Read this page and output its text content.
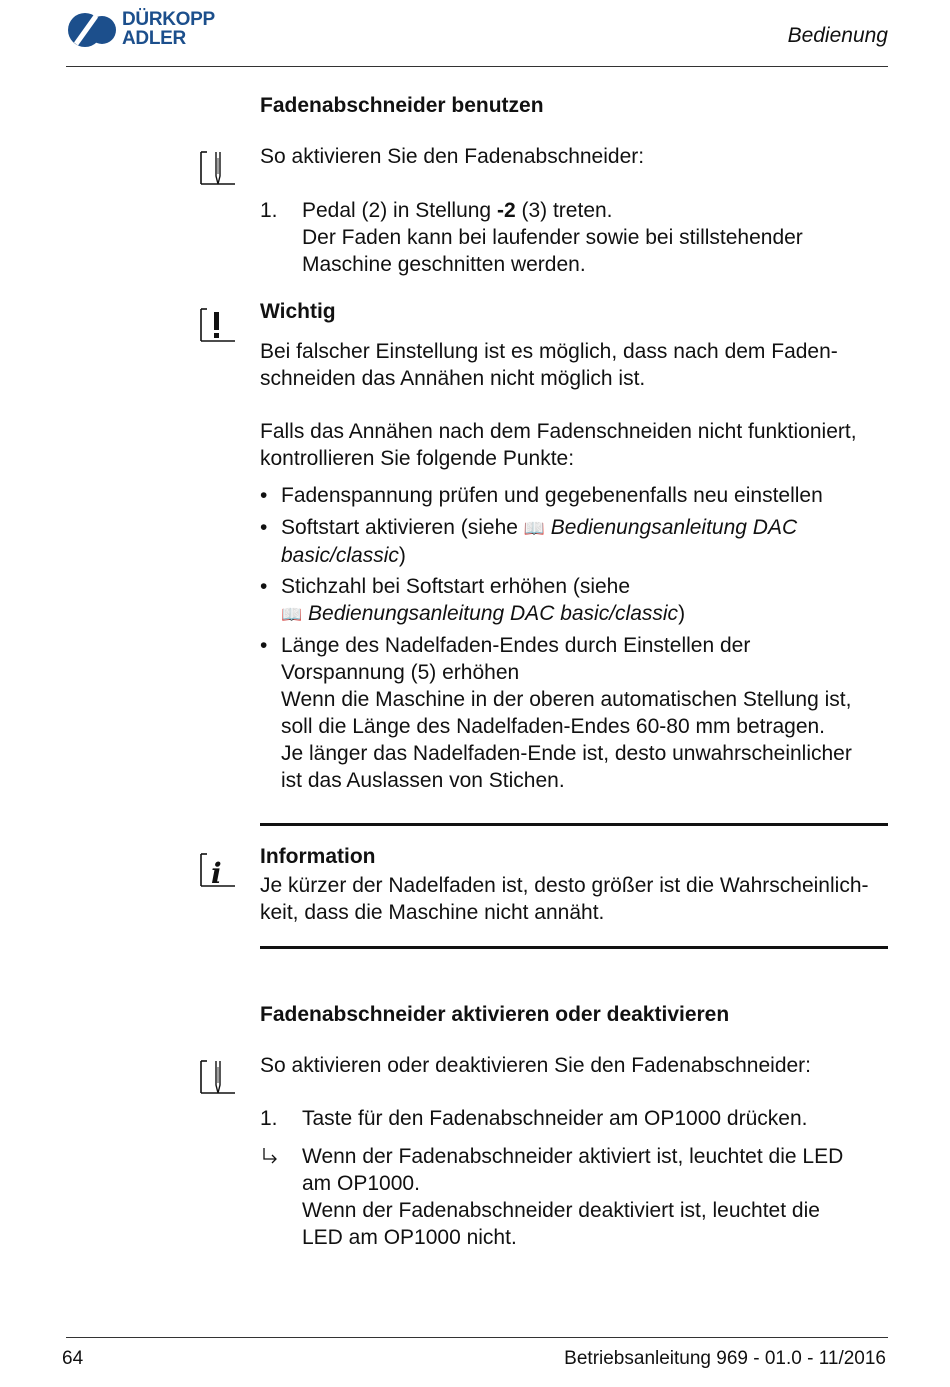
DÜRKOPP
ADLER	Bedienung
Fadenabschneider benutzen
So aktivieren Sie den Fadenabschneider:
1. Pedal (2) in Stellung -2 (3) treten.
Der Faden kann bei laufender sowie bei stillstehender
Maschine geschnitten werden.
Wichtig
Bei falscher Einstellung ist es möglich, dass nach dem Faden-
schneiden das Annähen nicht möglich ist.
Falls das Annähen nach dem Fadenschneiden nicht funktioniert,
kontrollieren Sie folgende Punkte:
• Fadenspannung prüfen und gegebenenfalls neu einstellen
• Softstart aktivieren (siehe 📖 Bedienungsanleitung DAC
basic/classic)
• Stichzahl bei Softstart erhöhen (siehe
📖 Bedienungsanleitung DAC basic/classic)
• Länge des Nadelfaden-Endes durch Einstellen der
Vorspannung (5) erhöhen
Wenn die Maschine in der oberen automatischen Stellung ist,
soll die Länge des Nadelfaden-Endes 60-80 mm betragen.
Je länger das Nadelfaden-Ende ist, desto unwahrscheinlicher
ist das Auslassen von Stichen.
i
Information
Je kürzer der Nadelfaden ist, desto größer ist die Wahrscheinlich-
keit, dass die Maschine nicht annäht.
Fadenabschneider aktivieren oder deaktivieren
So aktivieren oder deaktivieren Sie den Fadenabschneider:
1. Taste für den Fadenabschneider am OP1000 drücken.
Wenn der Fadenabschneider aktiviert ist, leuchtet die LED
am OP1000.
Wenn der Fadenabschneider deaktiviert ist, leuchtet die
LED am OP1000 nicht.
64	Betriebsanleitung 969 - 01.0 - 11/2016
